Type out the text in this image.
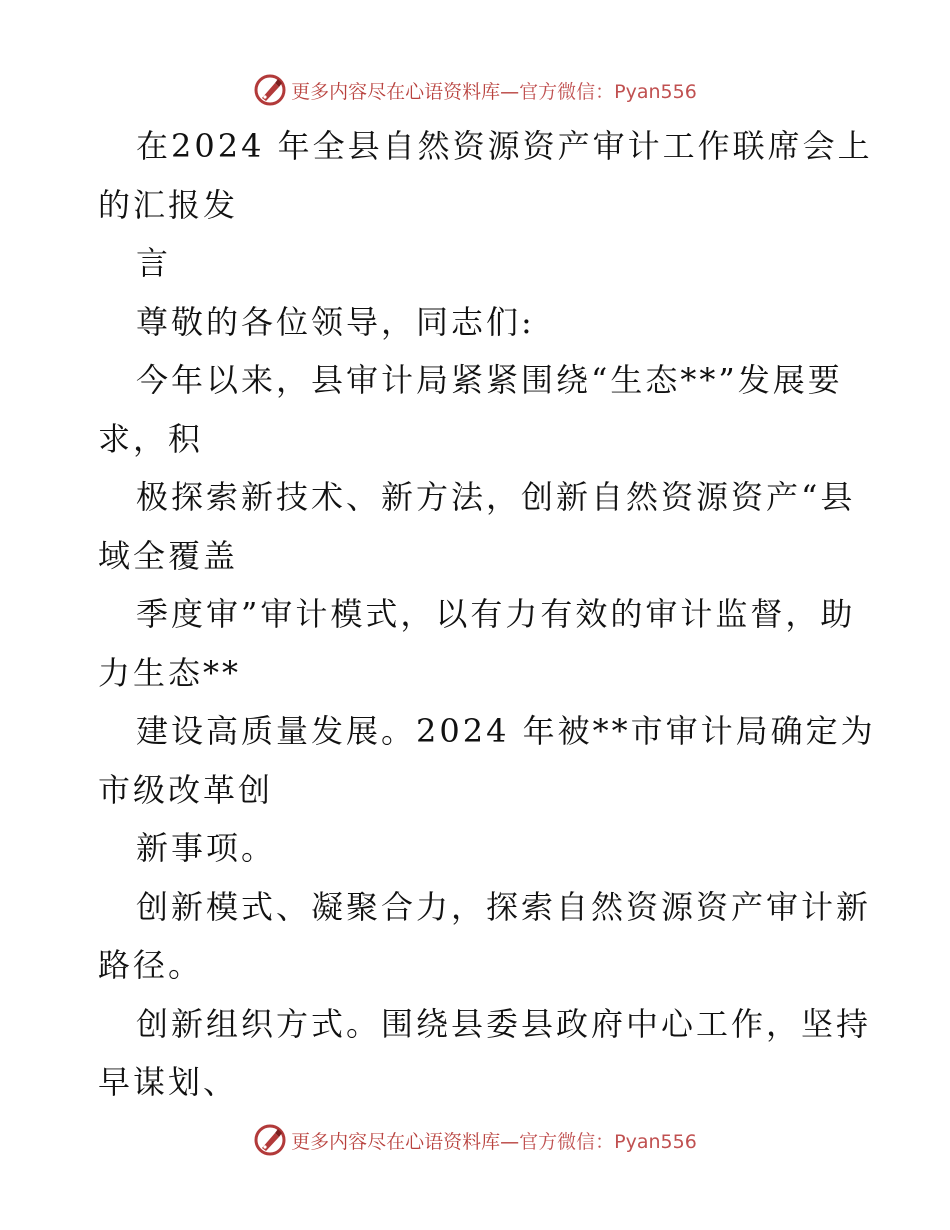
更多内容尽在心语资料库— 官方微信：Pyan556

在2024 年全县自然资源资产审计工作联席会上
的汇报发

言

尊敬的各位领导，同志们:

今年以来，县审计局紧紧围绕“生态**”发展要
求，积

极探索新技术、新方法，创新自然资源资产“县
域全覆盖

季度审”审计模式，以有力有效的审计监督，助
力生态**

建设高质量发展。2024 年被**市审计局确定为
市级改革创

新事项。

创新模式、凝聚合力，探索自然资源资产审计新
路径。

创新组织方式。围绕县委县政府中心工作，坚持
早谋划、

更多内容尽在心语资料库— 官方微信：Pyan556
